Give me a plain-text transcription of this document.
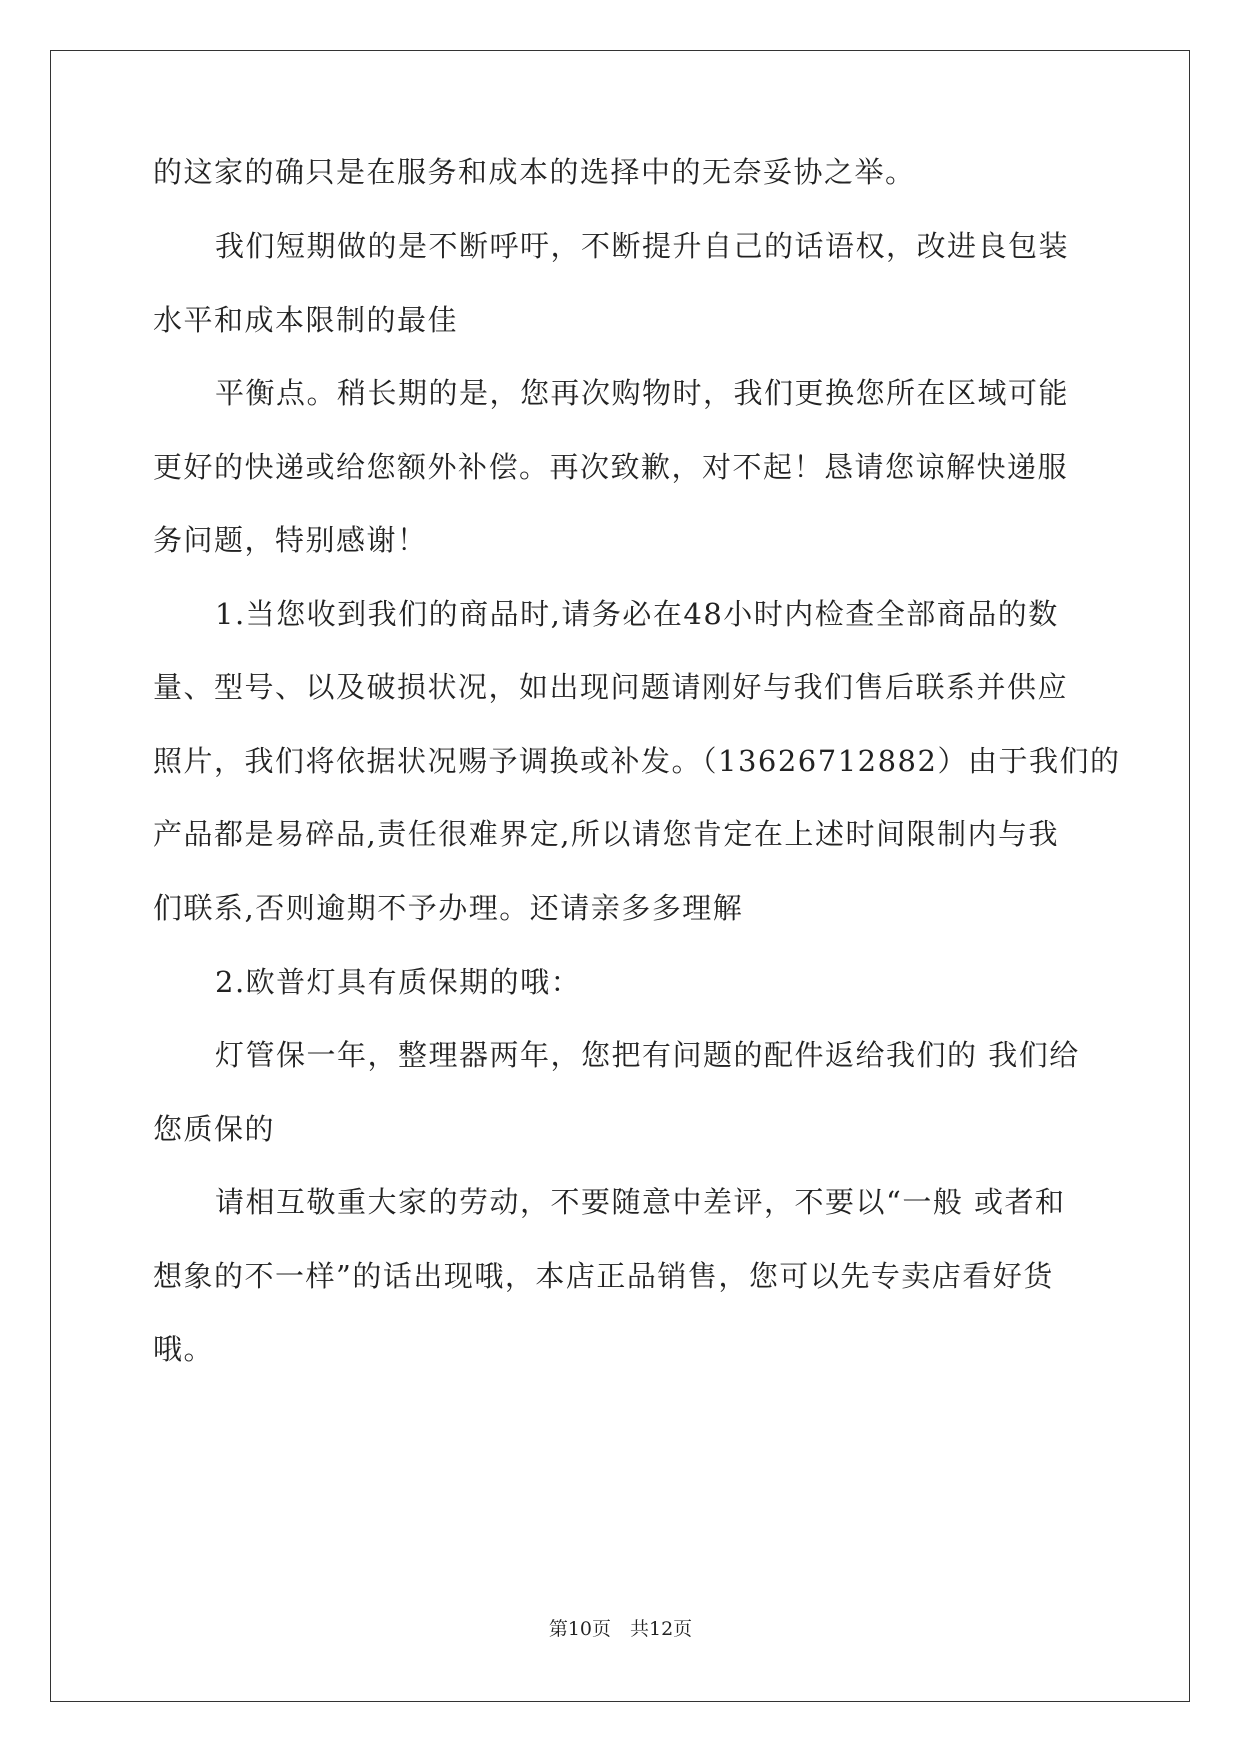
的这家的确只是在服务和成本的选择中的无奈妥协之举。
我们短期做的是不断呼吁，不断提升自己的话语权，改进良包装
水平和成本限制的最佳
平衡点。稍长期的是，您再次购物时，我们更换您所在区域可能
更好的快递或给您额外补偿。再次致歉，对不起！恳请您谅解快递服
务问题，特别感谢！
1.当您收到我们的商品时,请务必在48小时内检查全部商品的数
量、型号、以及破损状况，如出现问题请刚好与我们售后联系并供应
照片，我们将依据状况赐予调换或补发。（13626712882）由于我们的
产品都是易碎品,责任很难界定,所以请您肯定在上述时间限制内与我
们联系,否则逾期不予办理。还请亲多多理解
2.欧普灯具有质保期的哦：
灯管保一年，整理器两年，您把有问题的配件返给我们的 我们给
您质保的
请相互敬重大家的劳动，不要随意中差评，不要以“一般 或者和
想象的不一样”的话出现哦，本店正品销售，您可以先专卖店看好货
哦。
第10页　共12页
